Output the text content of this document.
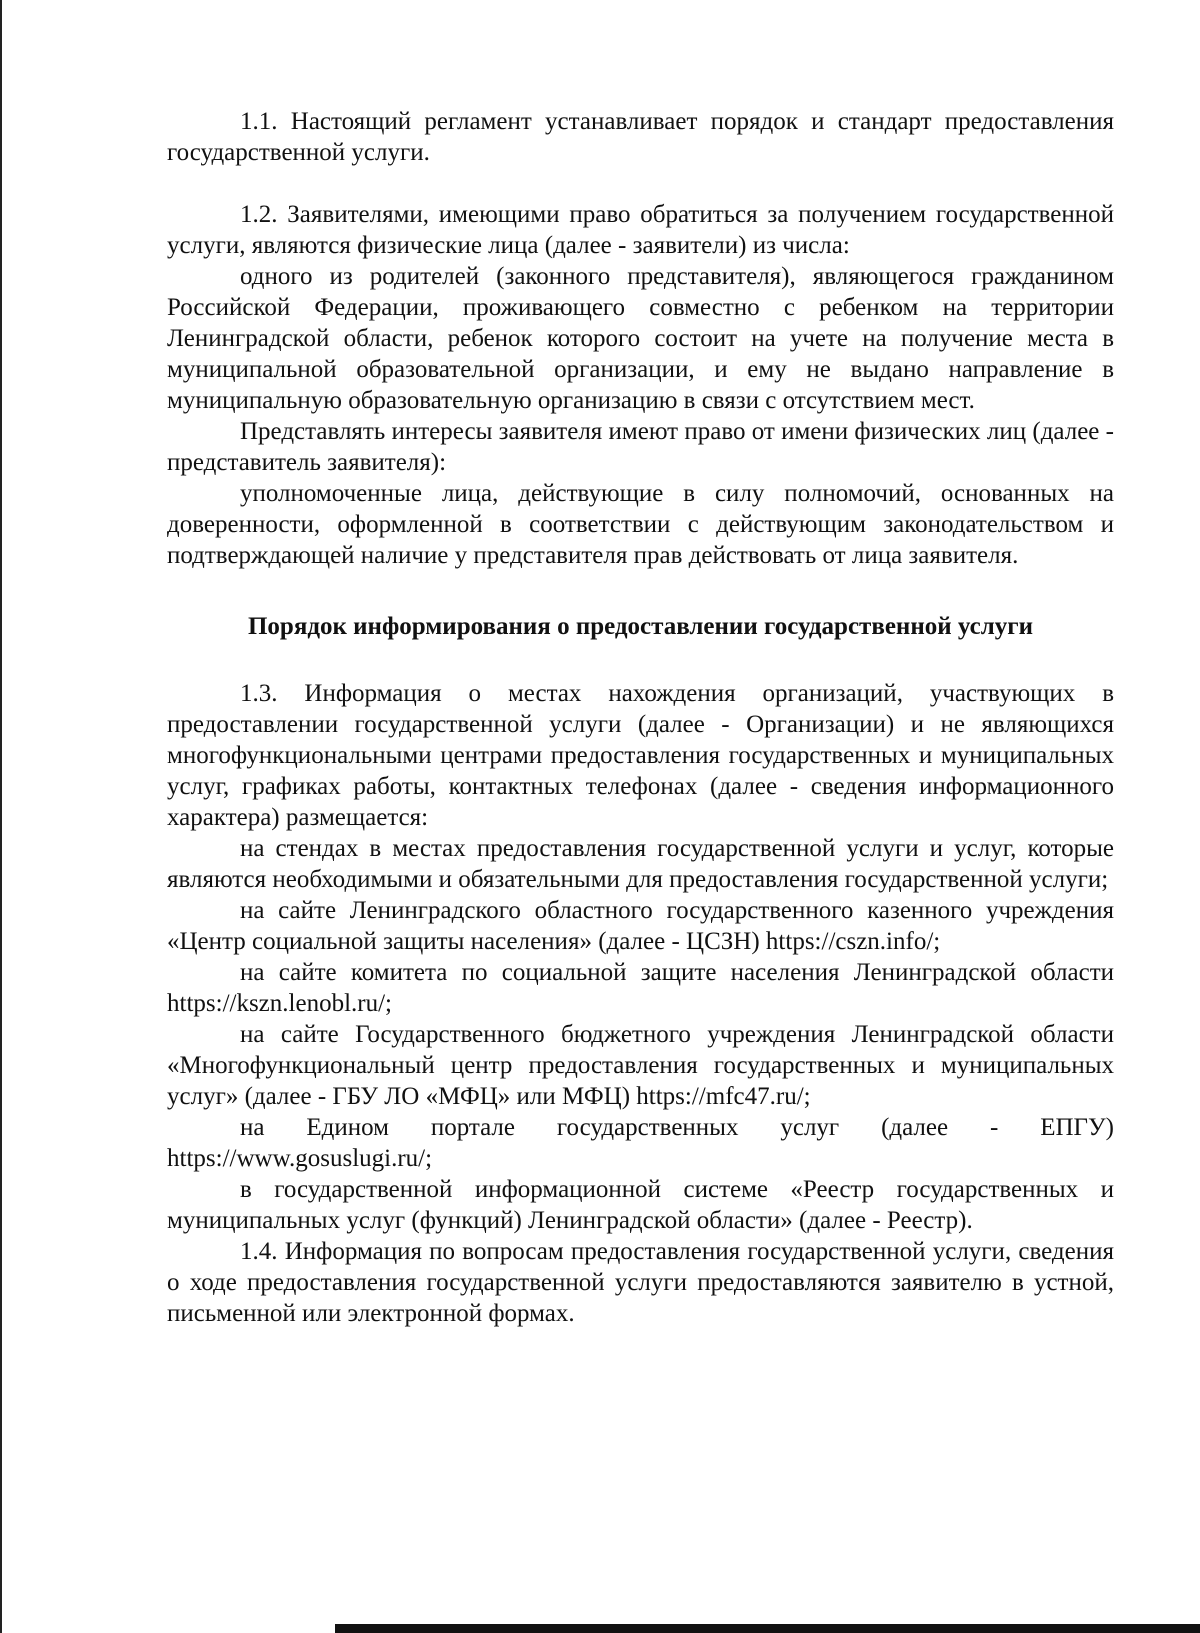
1.1. Настоящий регламент устанавливает порядок и стандарт предоставления государственной услуги.

1.2. Заявителями, имеющими право обратиться за получением государственной услуги, являются физические лица (далее - заявители) из числа:

одного из родителей (законного представителя), являющегося гражданином Российской Федерации, проживающего совместно с ребенком на территории Ленинградской области, ребенок которого состоит на учете на получение места в муниципальной образовательной организации, и ему не выдано направление в муниципальную образовательную организацию в связи с отсутствием мест.

Представлять интересы заявителя имеют право от имени физических лиц (далее - представитель заявителя):

уполномоченные лица, действующие в силу полномочий, основанных на доверенности, оформленной в соответствии с действующим законодательством и подтверждающей наличие у представителя прав действовать от лица заявителя.

Порядок информирования о предоставлении государственной услуги

1.3. Информация о местах нахождения организаций, участвующих в предоставлении государственной услуги (далее - Организации) и не являющихся многофункциональными центрами предоставления государственных и муниципальных услуг, графиках работы, контактных телефонах (далее - сведения информационного характера) размещается:

на стендах в местах предоставления государственной услуги и услуг, которые являются необходимыми и обязательными для предоставления государственной услуги;

на сайте Ленинградского областного государственного казенного учреждения «Центр социальной защиты населения» (далее - ЦСЗН) https://cszn.info/;

на сайте комитета по социальной защите населения Ленинградской области https://kszn.lenobl.ru/;

на сайте Государственного бюджетного учреждения Ленинградской области «Многофункциональный центр предоставления государственных и муниципальных услуг» (далее - ГБУ ЛО «МФЦ» или МФЦ) https://mfc47.ru/;

на Едином портале государственных услуг (далее - ЕПГУ) https://www.gosuslugi.ru/;

в государственной информационной системе «Реестр государственных и муниципальных услуг (функций) Ленинградской области» (далее - Реестр).

1.4. Информация по вопросам предоставления государственной услуги, сведения о ходе предоставления государственной услуги предоставляются заявителю в устной, письменной или электронной формах.
